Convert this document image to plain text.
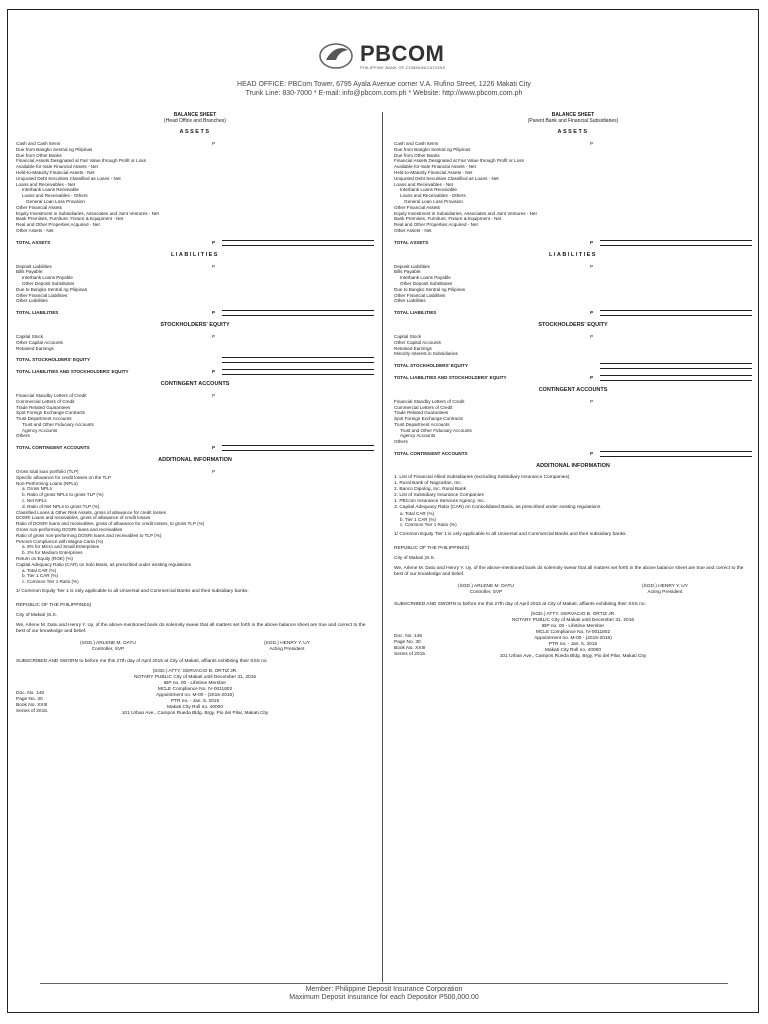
PBCOM
PHILIPPINE BANK OF COMMUNICATIONS
HEAD OFFICE: PBCom Tower, 6795 Ayala Avenue corner V.A. Rufino Street, 1226 Makati City
Trunk Line: 830-7000 * E-mail: info@pbcom.com.ph * Website: http://www.pbcom.com.ph
BALANCE SHEET
(Head Office and Branches)
ASSETS
Cash and Cash Items	P
Due from Bangko Sentral ng Pilipinas
Due from Other Banks
Financial Assets Designated at Fair Value through Profit or Loss
Available-for-Sale Financial Assets - Net
Held-to-Maturity Financial Assets - Net
Unquoted Debt Securities Classified as Loans - Net
Loans and Receivables - Net
Interbank Loans Receivable
Loans and Receivables - Others
General Loan Loss Provision
Other Financial Assets
Equity Investment in Subsidiaries, Associates and Joint Ventures - Net
Bank Premises, Furniture, Fixture & Equipment - Net
Real and Other Properties Acquired - Net
Other Assets - Net
TOTAL ASSETS	P
LIABILITIES
Deposit Liabilities	P
Bills Payable:
Interbank Loans Payable
Other Deposit Substitutes
Due to Bangko Sentral ng Pilipinas
Other Financial Liabilities
Other Liabilities
TOTAL LIABILITIES	P
STOCKHOLDERS' EQUITY
Capital Stock	P
Other Capital Accounts
Retained Earnings
TOTAL STOCKHOLDERS' EQUITY
TOTAL LIABILITIES AND STOCKHOLDERS' EQUITY	P
CONTINGENT ACCOUNTS
Financial Standby Letters of Credit	P
Commercial Letters of Credit
Trade Related Guarantees
Spot Foreign Exchange Contracts
Trust Department Accounts
Trust and Other Fiduciary Accounts
Agency Accounts
Others
TOTAL CONTINGENT ACCOUNTS	P
ADDITIONAL INFORMATION
Gross total loan portfolio (TLP)	P
Specific allowance for credit losses on the TLP
Non-Performing Loans (NPLs)
a. Gross NPLs
b. Ratio of gross NPLs to gross TLP (%)
c. Net NPLs
d. Ratio of Net NPLs to gross TLP (%)
Classified Loans & Other Risk Assets, gross of allowance for credit losses
DOSRI Loans and receivables, gross of allowance of credit losses
Ratio of DOSRI loans and receivables, gross of allowance for credit losses, to gross TLP (%)
Gross non-performing DOSRI loans and receivables
Ratio of gross non-performing DOSRI loans and receivables to TLP (%)
Percent Compliance with Magna Carta (%)
a. 8% for Micro and Small Enterprises
b. 2% for Medium Enterprises
Return on Equity (ROE) (%)
Capital Adequacy Ratio (CAR) on Solo Basis, as prescribed under existing regulations
a. Total CAR (%)
b. Tier 1 CAR (%)
c. Common Tier 1 Ratio (%)
1/ Common Equity Tier 1 is only applicable to all Universal and Commercial Banks and their subsidiary banks.
REPUBLIC OF THE PHILIPPINES)
City of Makati )S.S.
We, Arlene M. Datu and Henry Y. Uy, of the above-mentioned bank do solemnly swear that all matters set forth in the above balance sheet are true and correct to the best of our knowledge and belief.
(SGD.) ARLENE M. DATU
Controller, SVP
(SGD.) HENRY Y. UY
Acting President
SUBSCRIBED AND SWORN to before me this 27th day of April 2015 at City of Makati, affiants exhibiting their SSS no.
(SGD.) ATTY. GERVACIO B. ORTIZ JR.
NOTARY PUBLIC City of Makati until December 31, 2016
IBP no. 00 - Lifetime Member
MCLE Compliance No. IV-0011802
Appointment no. M-00 - (2015-2016)
PTR no. - Jan. 5, 2015
Makati City Roll no. 40000
101 Urban Ave., Campos Rueda Bldg. Brgy. Pio del Pilar, Makati City
Doc. No. 146
Page No. 30
Book No. XXIII
Series of 2015.
BALANCE SHEET
(Parent Bank and Financial Subsidiaries)
ASSETS
Cash and Cash Items	P
Due from Bangko Sentral ng Pilipinas
Due from Other Banks
Financial Assets Designated at Fair Value through Profit or Loss
Available-for-Sale Financial Assets - Net
Held-to-Maturity Financial Assets - Net
Unquoted Debt Securities Classified as Loans - Net
Loans and Receivables - Net
Interbank Loans Receivable
Loans and Receivables - Others
General Loan Loss Provision
Other Financial Assets
Equity Investment in Subsidiaries, Associates and Joint Ventures - Net
Bank Premises, Furniture, Fixture & Equipment - Net
Real and Other Properties Acquired - Net
Other Assets - Net
TOTAL ASSETS	P
LIABILITIES
Deposit Liabilities	P
Bills Payable:
Interbank Loans Payable
Other Deposit Substitutes
Due to Bangko Sentral ng Pilipinas
Other Financial Liabilities
Other Liabilities
TOTAL LIABILITIES	P
STOCKHOLDERS' EQUITY
Capital Stock	P
Other Capital Accounts
Retained Earnings
Minority Interest in Subsidiaries
TOTAL STOCKHOLDERS' EQUITY
TOTAL LIABILITIES AND STOCKHOLDERS' EQUITY	P
CONTINGENT ACCOUNTS
Financial Standby Letters of Credit	P
Commercial Letters of Credit
Trade Related Guarantees
Spot Foreign Exchange Contracts
Trust Department Accounts
Trust and Other Fiduciary Accounts
Agency Accounts
Others
TOTAL CONTINGENT ACCOUNTS	P
ADDITIONAL INFORMATION
1. List of Financial Allied Subsidiaries (excluding Subsidiary Insurance Companies)
1. Rural Bank of Nagcarlan, Inc.
2. Banco Dipolog, Inc. Rural Bank
2. List of Subsidiary Insurance Companies
1. PBCom Insurance Services Agency, Inc.
3. Capital Adequacy Ratio (CAR) on Consolidated Basis, as prescribed under existing regulations
a. Total CAR (%)
b. Tier 1 CAR (%)
c. Common Tier 1 Ratio (%)
1/ Common Equity Tier 1 is only applicable to all Universal and Commercial Banks and their subsidiary banks.
REPUBLIC OF THE PHILIPPINES)
City of Makati )S.S.
We, Arlene M. Datu and Henry Y. Uy, of the above-mentioned bank do solemnly swear that all matters set forth in the above balance sheet are true and correct to the best of our knowledge and belief.
(SGD.) ARLENE M. DATU
Controller, SVP
(SGD.) HENRY Y. UY
Acting President
SUBSCRIBED AND SWORN to before me this 27th day of April 2015 at City of Makati, affiants exhibiting their SSS no.
(SGD.) ATTY. GERVACIO B. ORTIZ JR.
NOTARY PUBLIC City of Makati until December 31, 2016
IBP no. 00 - Lifetime Member
MCLE Compliance No. IV-0011802
Appointment no. M-00 - (2015-2016)
PTR no. - Jan. 5, 2015
Makati City Roll no. 40000
101 Urban Ave., Campos Rueda Bldg. Brgy. Pio del Pilar, Makati City
Doc. No. 146
Page No. 30
Book No. XXIII
Series of 2015.
Member: Philippine Deposit Insurance Corporation
Maximum Deposit Insurance for each Depositor P500,000.00
